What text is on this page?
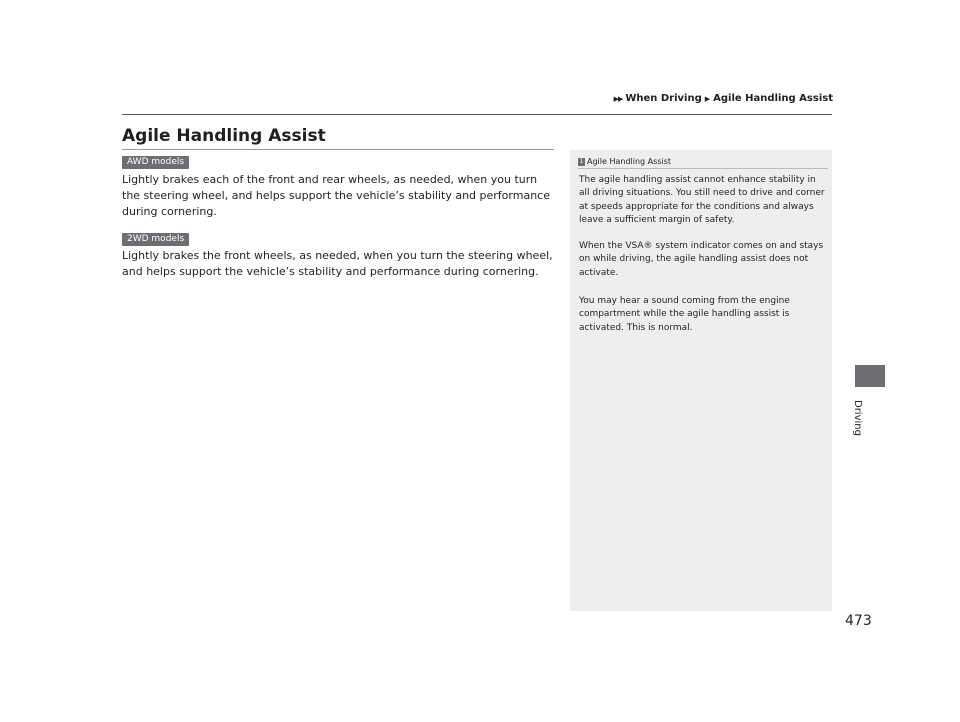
▶▶ When Driving ▶ Agile Handling Assist
Agile Handling Assist
AWD models

Lightly brakes each of the front and rear wheels, as needed, when you turn the steering wheel, and helps support the vehicle’s stability and performance during cornering.

2WD models

Lightly brakes the front wheels, as needed, when you turn the steering wheel, and helps support the vehicle’s stability and performance during cornering.

1 Agile Handling Assist

The agile handling assist cannot enhance stability in all driving situations. You still need to drive and corner at speeds appropriate for the conditions and always leave a sufficient margin of safety.

When the VSA® system indicator comes on and stays on while driving, the agile handling assist does not activate.

You may hear a sound coming from the engine compartment while the agile handling assist is activated. This is normal.

Driving
473
